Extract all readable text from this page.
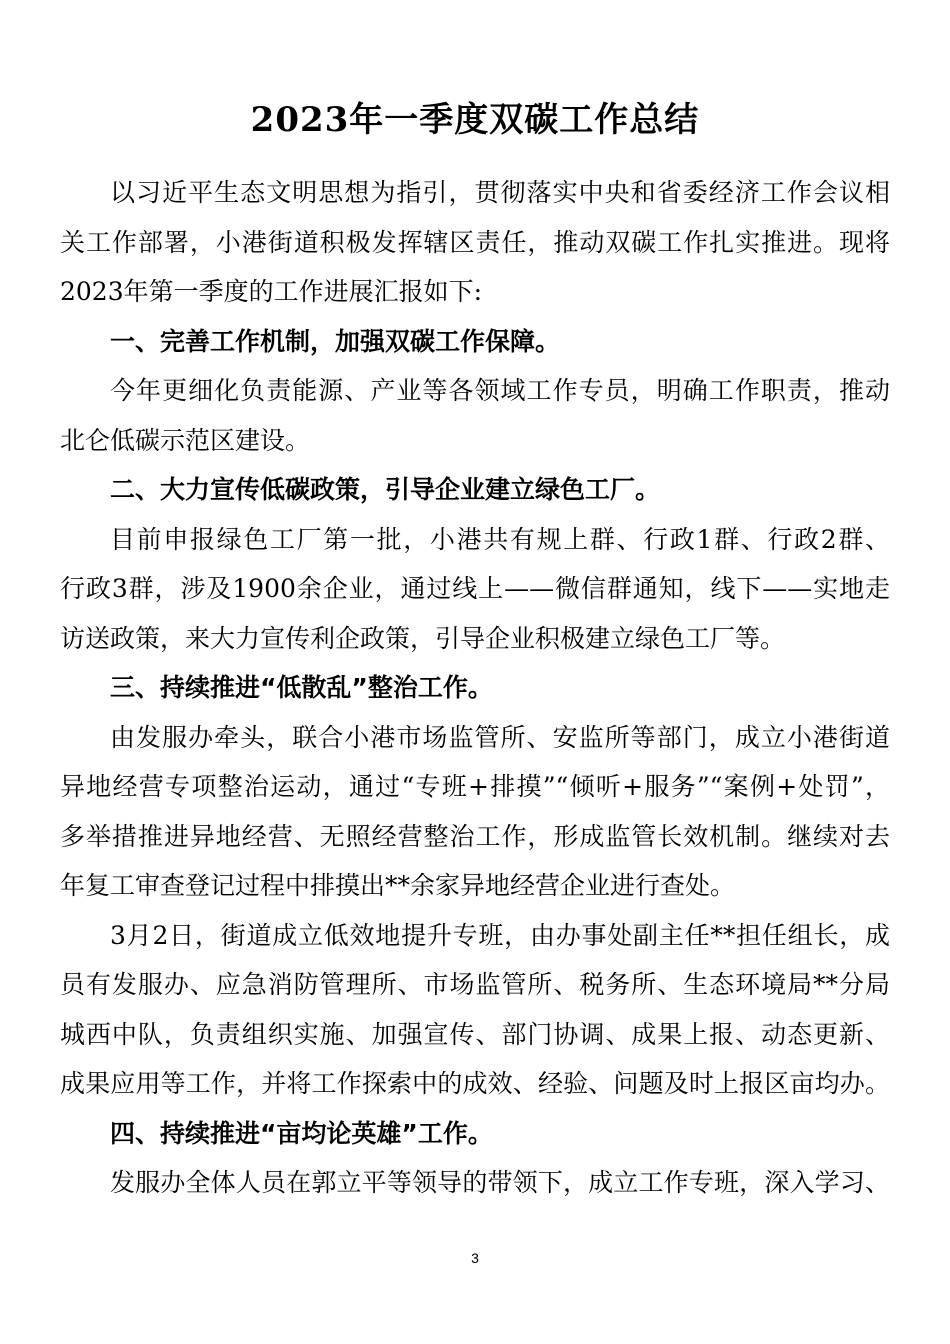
2023年一季度双碳工作总结
以习近平生态文明思想为指引，贯彻落实中央和省委经济工作会议相
关工作部署，小港街道积极发挥辖区责任，推动双碳工作扎实推进。现将
2023年第一季度的工作进展汇报如下:
一、完善工作机制，加强双碳工作保障。
今年更细化负责能源、产业等各领域工作专员，明确工作职责，推动
北仑低碳示范区建设。
二、大力宣传低碳政策，引导企业建立绿色工厂。
目前申报绿色工厂第一批，小港共有规上群、行政1群、行政2群、
行政3群，涉及1900余企业，通过线上——微信群通知，线下——实地走
访送政策，来大力宣传利企政策，引导企业积极建立绿色工厂等。
三、持续推进“低散乱”整治工作。
由发服办牵头，联合小港市场监管所、安监所等部门，成立小港街道
异地经营专项整治运动，通过“专班+排摸”“倾听+服务”“案例+处罚”，
多举措推进异地经营、无照经营整治工作，形成监管长效机制。继续对去
年复工审查登记过程中排摸出**余家异地经营企业进行查处。
3月2日，街道成立低效地提升专班，由办事处副主任**担任组长，成
员有发服办、应急消防管理所、市场监管所、税务所、生态环境局**分局
城西中队，负责组织实施、加强宣传、部门协调、成果上报、动态更新、
成果应用等工作，并将工作探索中的成效、经验、问题及时上报区亩均办。
四、持续推进“亩均论英雄”工作。
发服办全体人员在郭立平等领导的带领下，成立工作专班，深入学习、
3
